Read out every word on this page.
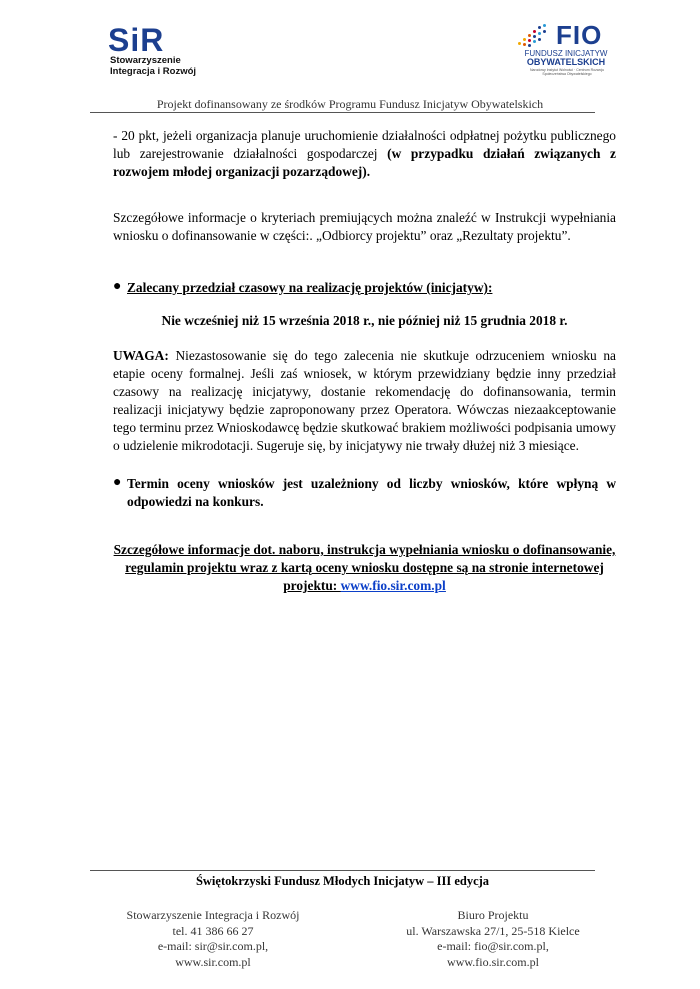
SiR
Stowarzyszenie
Integracja i Rozwój
FIO
FUNDUSZ INICJATYW
OBYWATELSKICH
Narodowy Instytut Wolności · Centrum Rozwoju Społeczeństwa Obywatelskiego
Projekt dofinansowany ze środków Programu Fundusz Inicjatyw Obywatelskich
- 20 pkt, jeżeli organizacja planuje uruchomienie działalności odpłatnej pożytku publicznego lub zarejestrowanie działalności gospodarczej (w przypadku działań związanych z rozwojem młodej organizacji pozarządowej).
Szczegółowe informacje o kryteriach premiujących można znaleźć w Instrukcji wypełniania wniosku o dofinansowanie w części:. „Odbiorcy projektu” oraz „Rezultaty projektu”.
● Zalecany przedział czasowy na realizację projektów (inicjatyw):
Nie wcześniej niż 15 września 2018 r., nie później niż 15 grudnia 2018 r.
UWAGA: Niezastosowanie się do tego zalecenia nie skutkuje odrzuceniem wniosku na etapie oceny formalnej. Jeśli zaś wniosek, w którym przewidziany będzie inny przedział czasowy na realizację inicjatywy, dostanie rekomendację do dofinansowania, termin realizacji inicjatywy będzie zaproponowany przez Operatora. Wówczas niezaakceptowanie tego terminu przez Wnioskodawcę będzie skutkować brakiem możliwości podpisania umowy o udzielenie mikrodotacji. Sugeruje się, by inicjatywy nie trwały dłużej niż 3 miesiące.
● Termin oceny wniosków jest uzależniony od liczby wniosków, które wpłyną w odpowiedzi na konkurs.
Szczegółowe informacje dot. naboru, instrukcja wypełniania wniosku o dofinansowanie, regulamin projektu wraz z kartą oceny wniosku dostępne są na stronie internetowej projektu: www.fio.sir.com.pl
Świętokrzyski Fundusz Młodych Inicjatyw – III edycja
Stowarzyszenie Integracja i Rozwój
tel. 41 386 66 27
e-mail: sir@sir.com.pl,
www.sir.com.pl
Biuro Projektu
ul. Warszawska 27/1, 25-518 Kielce
e-mail: fio@sir.com.pl,
www.fio.sir.com.pl
